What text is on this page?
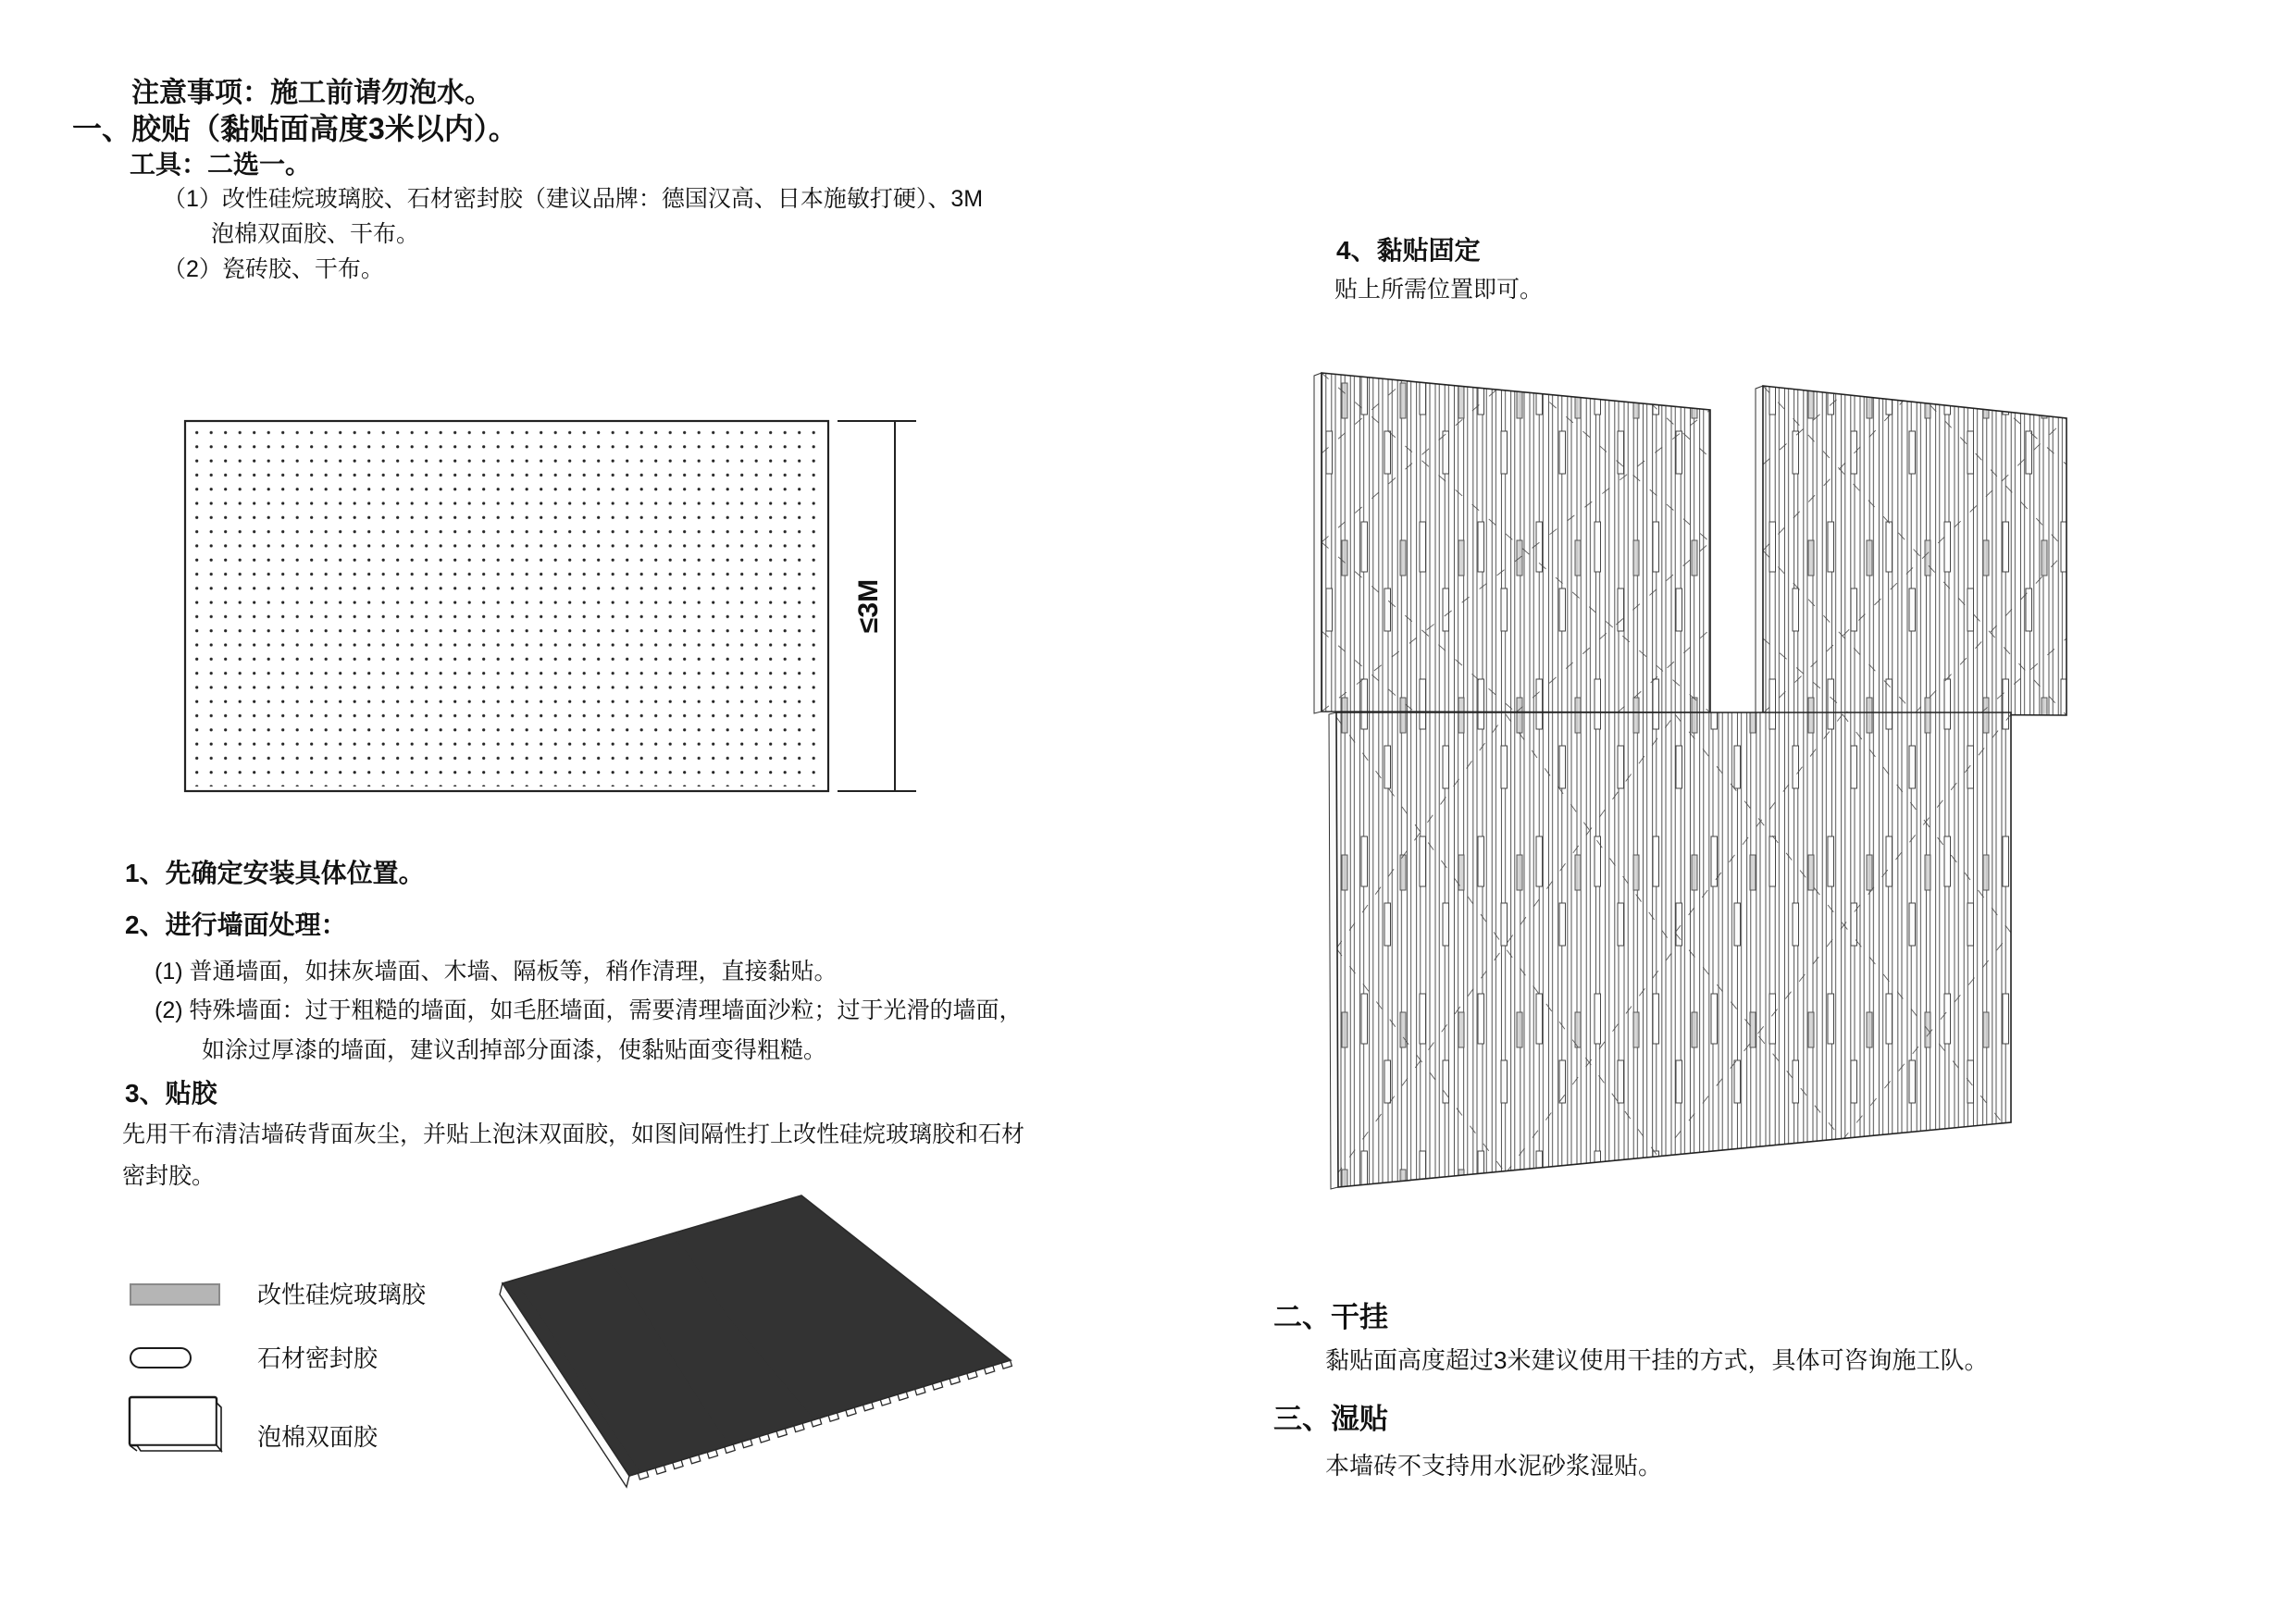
注意事项：施工前请勿泡水。
一、胶贴（黏贴面高度3米以内）。
工具：二选一。
（1）改性硅烷玻璃胶、石材密封胶（建议品牌：德国汉高、日本施敏打硬）、3M
泡棉双面胶、干布。
（2）瓷砖胶、干布。
≤3M
1、先确定安装具体位置。
2、进行墙面处理：
(1) 普通墙面，如抹灰墙面、木墙、隔板等，稍作清理，直接黏贴。
(2) 特殊墙面：过于粗糙的墙面，如毛胚墙面，需要清理墙面沙粒；过于光滑的墙面，
如涂过厚漆的墙面，建议刮掉部分面漆，使黏贴面变得粗糙。
3、贴胶
先用干布清洁墙砖背面灰尘，并贴上泡沫双面胶，如图间隔性打上改性硅烷玻璃胶和石材
密封胶。
改性硅烷玻璃胶
石材密封胶
泡棉双面胶
4、黏贴固定
贴上所需位置即可。
二、干挂
黏贴面高度超过3米建议使用干挂的方式，具体可咨询施工队。
三、湿贴
本墙砖不支持用水泥砂浆湿贴。
